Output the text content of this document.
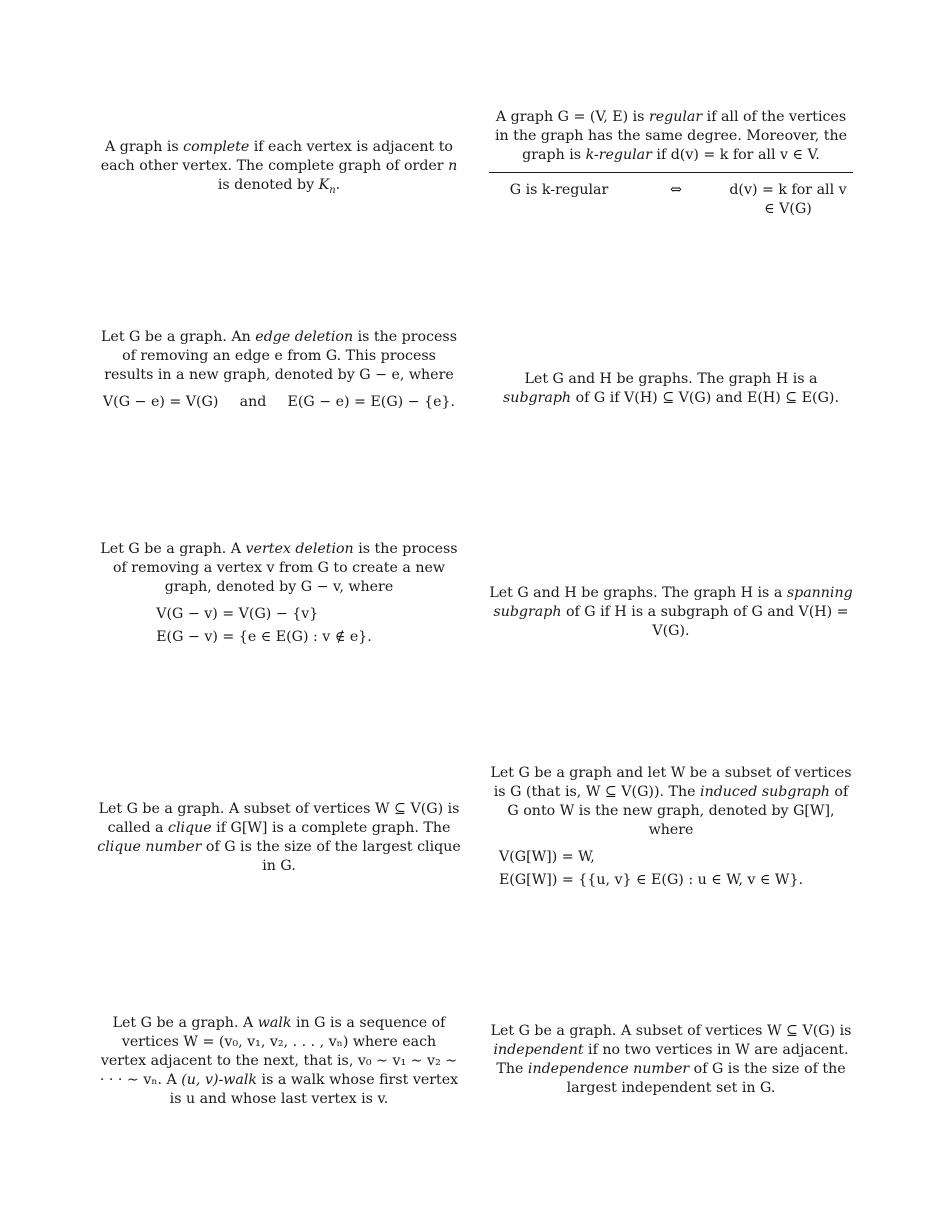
A graph is complete if each vertex is adjacent to each other vertex. The complete graph of order n is denoted by $K_n$.

A graph G = (V, E) is regular if all of the vertices in the graph has the same degree. Moreover, the graph is k-regular if d(v) = k for all v ∈ V.

G is k-regular	⇔	d(v) = k for all v ∈ V(G)

Let G be a graph. An edge deletion is the process of removing an edge e from G. This process results in a new graph, denoted by G − e, where

V(G − e) = V(G) and E(G − e) = E(G) − {e}.

Let G and H be graphs. The graph H is a subgraph of G if V(H) ⊆ V(G) and E(H) ⊆ E(G).

Let G be a graph. A vertex deletion is the process of removing a vertex v from G to create a new graph, denoted by G − v, where

V(G − v) = V(G) − {v}
E(G − v) = {e ∈ E(G) : v ∉ e}.

Let G and H be graphs. The graph H is a spanning subgraph of G if H is a subgraph of G and V(H) = V(G).

Let G be a graph. A subset of vertices W ⊆ V(G) is called a clique if G[W] is a complete graph. The clique number of G is the size of the largest clique in G.

Let G be a graph and let W be a subset of vertices is G (that is, W ⊆ V(G)). The induced subgraph of G onto W is the new graph, denoted by G[W], where

V(G[W]) = W,
E(G[W]) = {{u, v} ∈ E(G) : u ∈ W, v ∈ W}.

Let G be a graph. A walk in G is a sequence of vertices W = (v₀, v₁, v₂, . . . , vₙ) where each vertex adjacent to the next, that is, v₀ ∼ v₁ ∼ v₂ ∼ · · · ∼ vₙ. A (u, v)-walk is a walk whose first vertex is u and whose last vertex is v.

Let G be a graph. A subset of vertices W ⊆ V(G) is independent if no two vertices in W are adjacent. The independence number of G is the size of the largest independent set in G.
